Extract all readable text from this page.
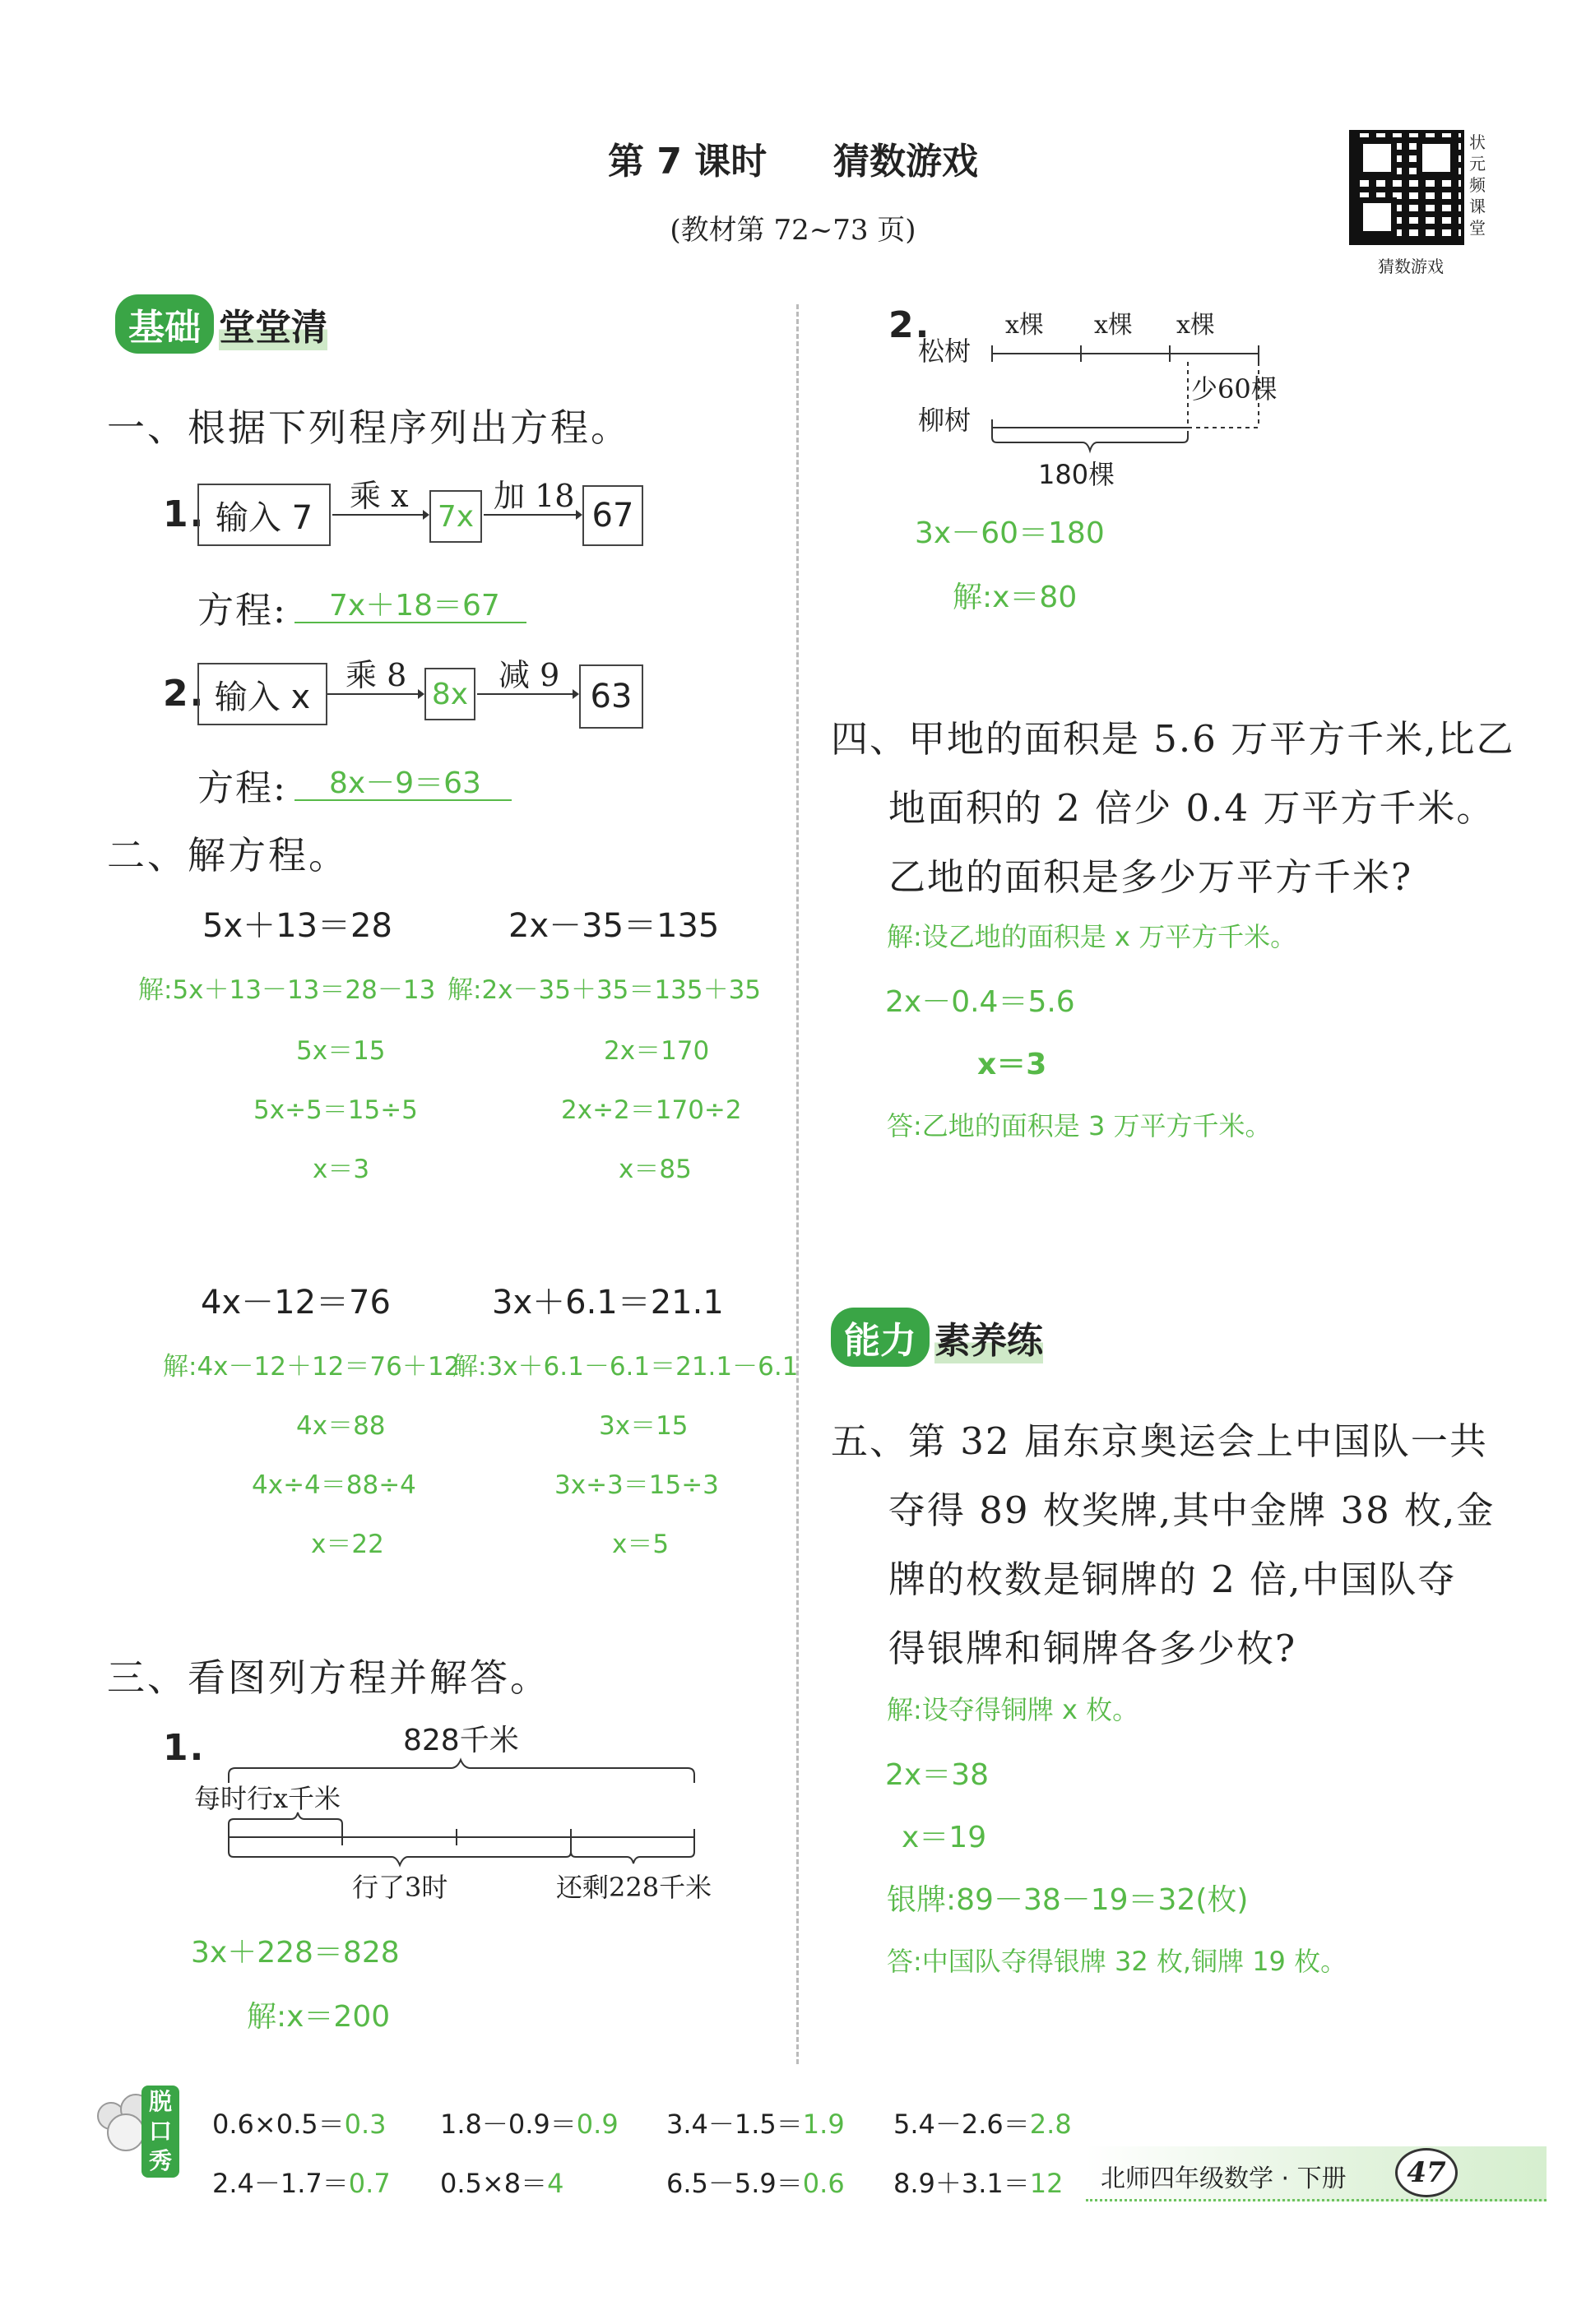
第 7 课时 猜数游戏
(教材第 72~73 页)
状元频课堂
猜数游戏
基础 堂堂清
一、根据下列程序列出方程。
1. 输入 7
乘 x
7x
加 18
67
方程:	7x＋18＝67
2. 输入 x
乘 8
8x
减 9
63
方程:	8x－9＝63
二、解方程。
5x＋13＝28
解:5x＋13－13＝28－13
5x＝15
5x÷5＝15÷5
x＝3
2x－35＝135
解:2x－35＋35＝135＋35
2x＝170
2x÷2＝170÷2
x＝85
4x－12＝76
解:4x－12＋12＝76＋12
4x＝88
4x÷4＝88÷4
x＝22
3x＋6.1＝21.1
解:3x＋6.1－6.1＝21.1－6.1
3x＝15
3x÷3＝15÷3
x＝5
三、看图列方程并解答。
1.	828千米
每时行x千米
行了3时	还剩228千米
3x＋228＝828
解:x＝200
2.
松树
柳树
x棵 x棵 x棵
少60棵
180棵
3x－60＝180
解:x＝80
四、甲地的面积是 5.6 万平方千米,比乙
地面积的 2 倍少 0.4 万平方千米。
乙地的面积是多少万平方千米?
解:设乙地的面积是 x 万平方千米。
2x－0.4＝5.6
x＝3
答:乙地的面积是 3 万平方千米。
能力 素养练
五、第 32 届东京奥运会上中国队一共
夺得 89 枚奖牌,其中金牌 38 枚,金
牌的枚数是铜牌的 2 倍,中国队夺
得银牌和铜牌各多少枚?
解:设夺得铜牌 x 枚。
2x＝38
x＝19
银牌:89－38－19＝32(枚)
答:中国队夺得银牌 32 枚,铜牌 19 枚。
脱
口
秀
0.6×0.5＝0.3 1.8－0.9＝0.9 3.4－1.5＝1.9 5.4－2.6＝2.8
2.4－1.7＝0.7 0.5×8＝4	6.5－5.9＝0.6 8.9＋3.1＝12 北师四年级数学 · 下册	47
